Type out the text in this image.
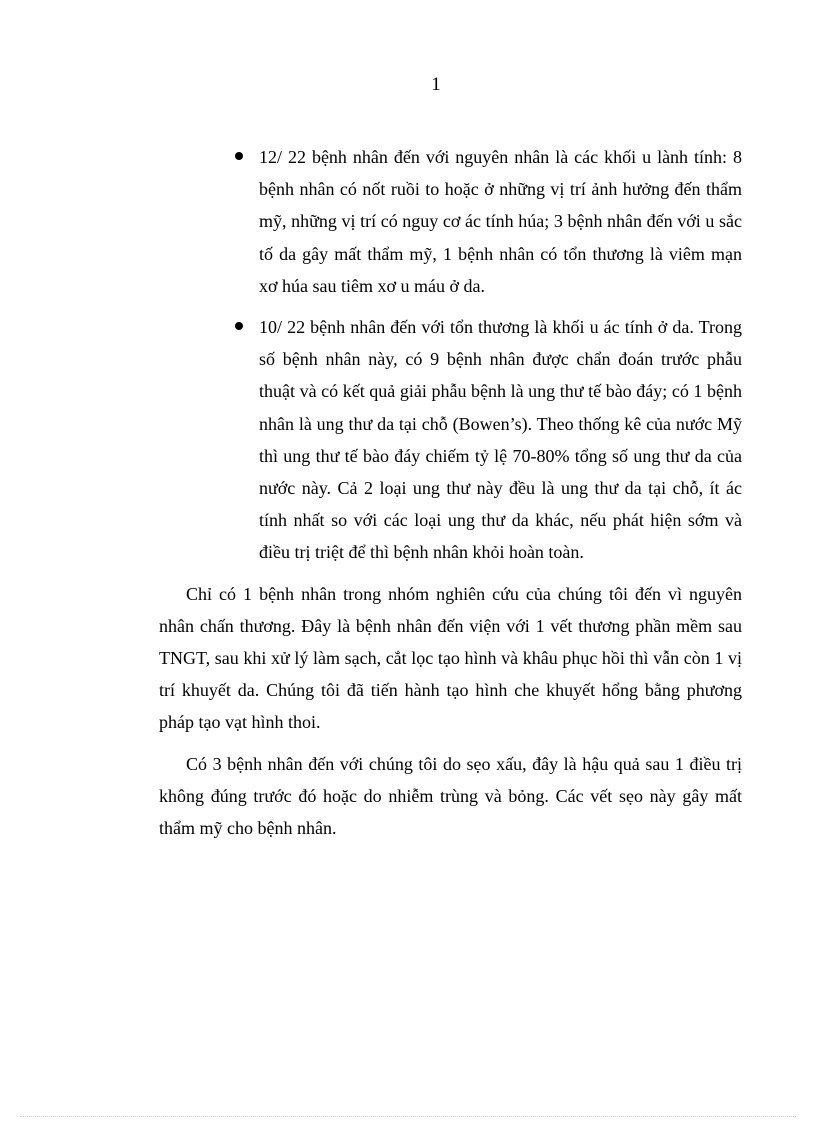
1
12/ 22 bệnh nhân đến với nguyên nhân là các khối u lành tính: 8 bệnh nhân có nốt ruồi to hoặc ở những vị trí ảnh hưởng đến thẩm mỹ, những vị trí có nguy cơ ác tính húa; 3 bệnh nhân đến với u sắc tố da gây mất thẩm mỹ, 1 bệnh nhân có tổn thương là viêm mạn xơ húa sau tiêm xơ u máu ở da.
10/ 22 bệnh nhân đến với tổn thương là khối u ác tính ở da. Trong số bệnh nhân này, có 9 bệnh nhân được chẩn đoán trước phẫu thuật và có kết quả giải phẫu bệnh là ung thư tế bào đáy; có 1 bệnh nhân là ung thư da tại chỗ (Bowen’s). Theo thống kê của nước Mỹ thì ung thư tế bào đáy chiếm tỷ lệ 70-80% tổng số ung thư da của nước này. Cả 2 loại ung thư này đều là ung thư da tại chỗ, ít ác tính nhất so với các loại ung thư da khác, nếu phát hiện sớm và điều trị triệt để thì bệnh nhân khỏi hoàn toàn.

Chỉ có 1 bệnh nhân trong nhóm nghiên cứu của chúng tôi đến vì nguyên nhân chấn thương. Đây là bệnh nhân đến viện với 1 vết thương phần mềm sau TNGT, sau khi xử lý làm sạch, cắt lọc tạo hình và khâu phục hồi thì vẫn còn 1 vị trí khuyết da. Chúng tôi đã tiến hành tạo hình che khuyết hổng bằng phương pháp tạo vạt hình thoi.

Có 3 bệnh nhân đến với chúng tôi do sẹo xấu, đây là hậu quả sau 1 điều trị không đúng trước đó hoặc do nhiễm trùng và bỏng. Các vết sẹo này gây mất thẩm mỹ cho bệnh nhân.
